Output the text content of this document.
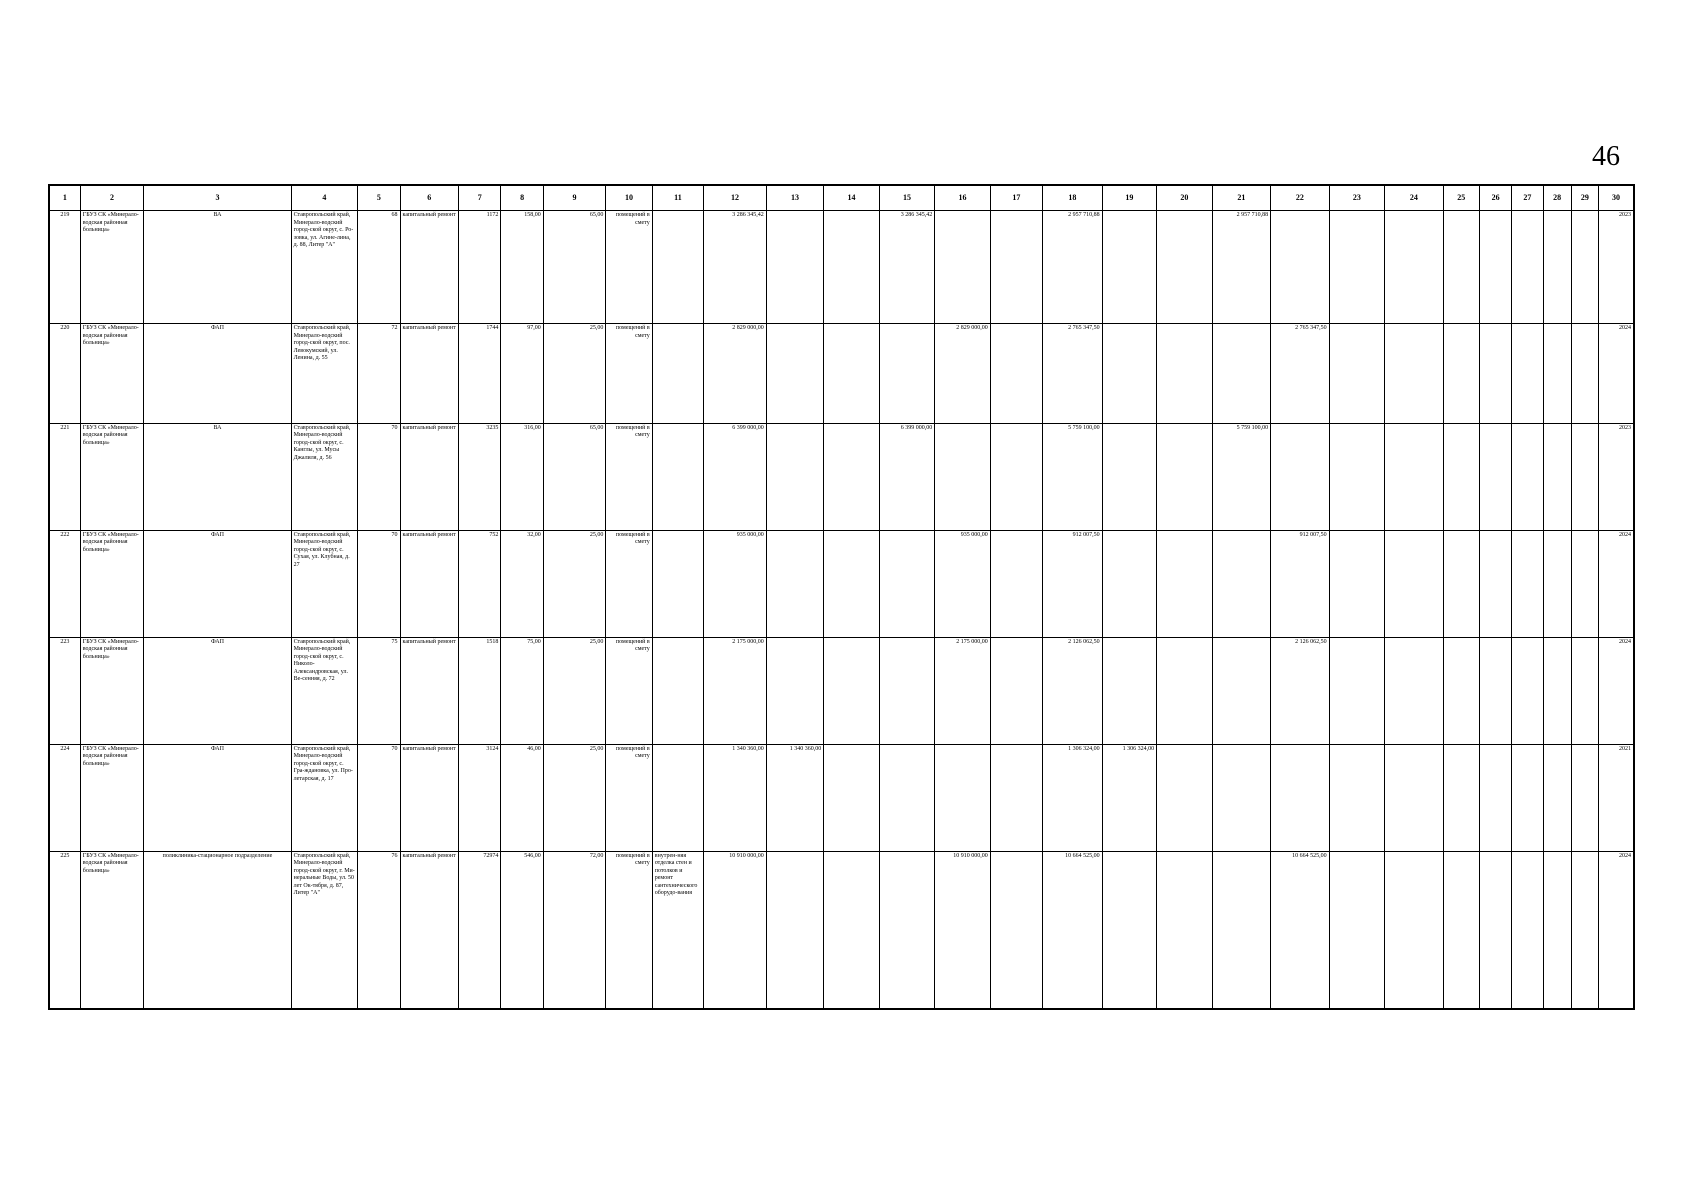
46
1	2	3	4	5	6	7	8	9	10	11	12	13	14	15	16	17	18	19	20	21	22	23	24	25	26	27	28	29	30
219	ГБУЗ СК «Минерало-водская районная больница»	ВА	Ставропольский край, Минерало-водский город-ской округ, с. Ро-зовка, ул. Агине-лина, д. 88, Литер "А"	68	капитальный ремонт	1172	158,00	65,00	помещений в смету		3 286 345,42			3 286 345,42			2 957 710,88			2 957 710,88									2023
220	ГБУЗ СК «Минерало-водская районная больница»	ФАП	Ставропольский край, Минерало-водский город-ской округ, пос. Левокумский, ул. Ленина, д. 55	72	капитальный ремонт	1744	97,00	25,00	помещений в смету		2 829 000,00				2 829 000,00		2 765 347,50				2 765 347,50								2024
221	ГБУЗ СК «Минерало-водская районная больница»	ВА	Ставропольский край, Минерало-водский город-ской округ, с. Канглы, ул. Мусы Джалиля, д. 56	70	капитальный ремонт	3235	316,00	65,00	помещений в смету		6 399 000,00			6 399 000,00			5 759 100,00			5 759 100,00									2023
222	ГБУЗ СК «Минерало-водская районная больница»	ФАП	Ставропольский край, Минерало-водский город-ской округ, с. Сухая, ул. Клубная, д. 27	70	капитальный ремонт	752	32,00	25,00	помещений в смету		935 000,00				935 000,00		912 007,50				912 007,50								2024
223	ГБУЗ СК «Минерало-водская районная больница»	ФАП	Ставропольский край, Минерало-водский город-ской округ, с. Николо-Александровская, ул. Ве-сенняя, д. 72	75	капитальный ремонт	1518	75,00	25,00	помещений в смету		2 175 000,00				2 175 000,00		2 126 062,50				2 126 062,50								2024
224	ГБУЗ СК «Минерало-водская районная больница»	ФАП	Ставропольский край, Минерало-водский город-ской округ, с. Гра-ждановка, ул. Про-летарская, д. 17	70	капитальный ремонт	3124	46,00	25,00	помещений в смету		1 340 360,00	1 340 360,00					1 306 324,00	1 306 324,00											2021
225	ГБУЗ СК «Минерало-водская районная больница»	поликлиника-стационарное подразделение	Ставропольский край, Минерало-водский город-ской округ, г. Ми-неральные Воды, ул. 50 лет Ок-тября, д. 87, Литер "А"	76	капитальный ремонт	72974	546,00	72,00	помещений в смету	внутрен-няя отделка стен и потолков и ремонт сантехнического оборудо-вания	10 910 000,00				10 910 000,00		10 664 525,00				10 664 525,00								2024
